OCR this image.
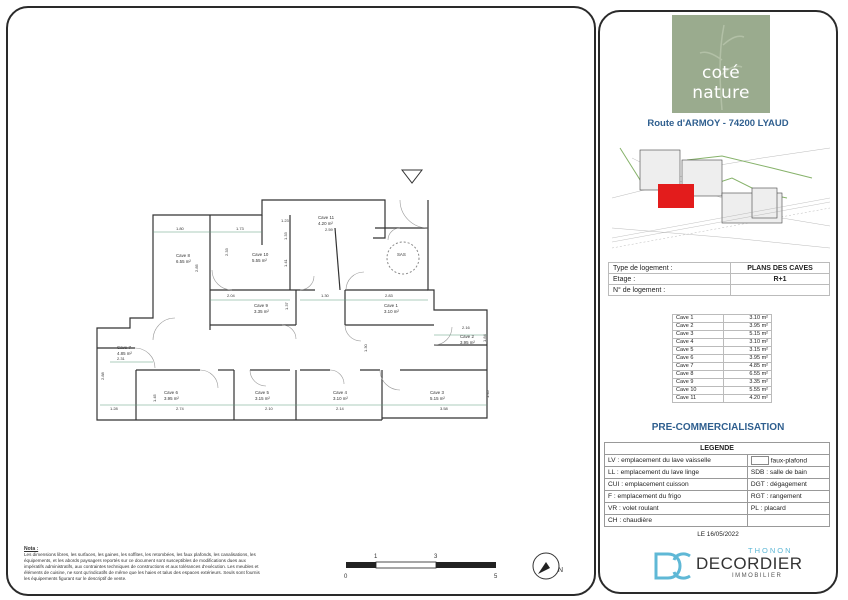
Cave 11
4.20 m²
Cave 8
6.55 m²
Cave 10
5.55 m²
Cave 9
3.35 m²
Cave 1
3.10 m²
Cave 7
4.85 m²
Cave 2
3.95 m²
Cave 6
3.95 m²
Cave 5
3.15 m²
Cave 4
3.10 m²
Cave 3
5.15 m²
SAS
1.80	1.73
1.23
2.59
2.85
2.33
2.04	1.30	2.83
2.16
2.31
2.88
1.84
1.28	2.74	2.10	2.14	3.58
1.33
1.41
1.45
1.30
1.37
1.45
Nota :
Les dimensions libres, les surfaces, les gaines, les soffites, les retombées, les faux plafonds, les canalisations, les
équipements, et les abords paysagers reportés sur ce document sont susceptibles de modifications dues aux
impératifs administratifs, aux contraintes techniques de constructions et aux tolérances d'exécution. Les meubles et
éléments de cuisine, ne sont qu'indicatifs de même que les haies et talus des espaces extérieurs. Seuls sont fournis
les équipements figurant sur le descriptif de vente.	0
1	3
5
N
coté nature
Route d'ARMOY - 74200 LYAUD
Type de logement :	PLANS DES CAVES
Etage :	R+1
N° de logement :	
Cave 1	3.10 m²
Cave 2	3.95 m²
Cave 3	5.15 m²
Cave 4	3.10 m²
Cave 5	3.15 m²
Cave 6	3.95 m²
Cave 7	4.85 m²
Cave 8	6.55 m²
Cave 9	3.35 m²
Cave 10	5.55 m²
Cave 11	4.20 m²
PRE-COMMERCIALISATION
LEGENDE	
LV : emplacement du lave vaisselle	faux-plafond
LL : emplacement du lave linge	SDB : salle de bain
CUI : emplacement cuisson	DGT : dégagement
F : emplacement du frigo	RGT : rangement
VR : volet roulant	PL : placard
CH : chaudière	
LE 16/05/2022
THONON
DECORDIER
IMMOBILIER
